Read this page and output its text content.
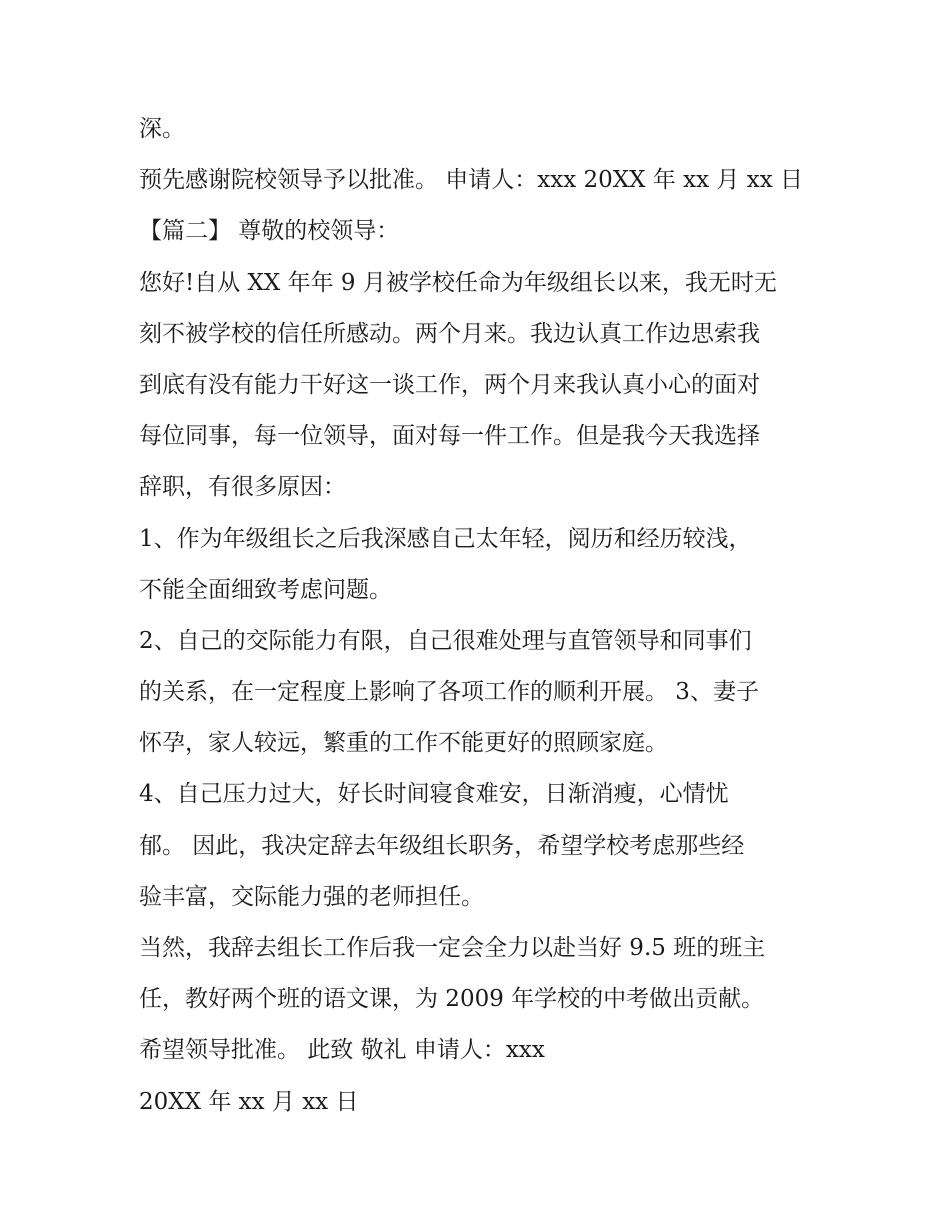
深。
预先感谢院校领导予以批准。 申请人：xxx 20XX 年 xx 月 xx 日
【篇二】 尊敬的校领导：
您好!自从 XX 年年 9 月被学校任命为年级组长以来，我无时无
刻不被学校的信任所感动。两个月来。我边认真工作边思索我
到底有没有能力干好这一谈工作，两个月来我认真小心的面对
每位同事，每一位领导，面对每一件工作。但是我今天我选择
辞职，有很多原因：
1、作为年级组长之后我深感自己太年轻，阅历和经历较浅，
不能全面细致考虑问题。
2、自己的交际能力有限，自己很难处理与直管领导和同事们
的关系，在一定程度上影响了各项工作的顺利开展。 3、妻子
怀孕，家人较远，繁重的工作不能更好的照顾家庭。
4、自己压力过大，好长时间寝食难安，日渐消瘦，心情忧
郁。 因此，我决定辞去年级组长职务，希望学校考虑那些经
验丰富，交际能力强的老师担任。
当然，我辞去组长工作后我一定会全力以赴当好 9.5 班的班主
任，教好两个班的语文课，为 2009 年学校的中考做出贡献。
希望领导批准。 此致 敬礼 申请人：xxx
20XX 年 xx 月 xx 日
